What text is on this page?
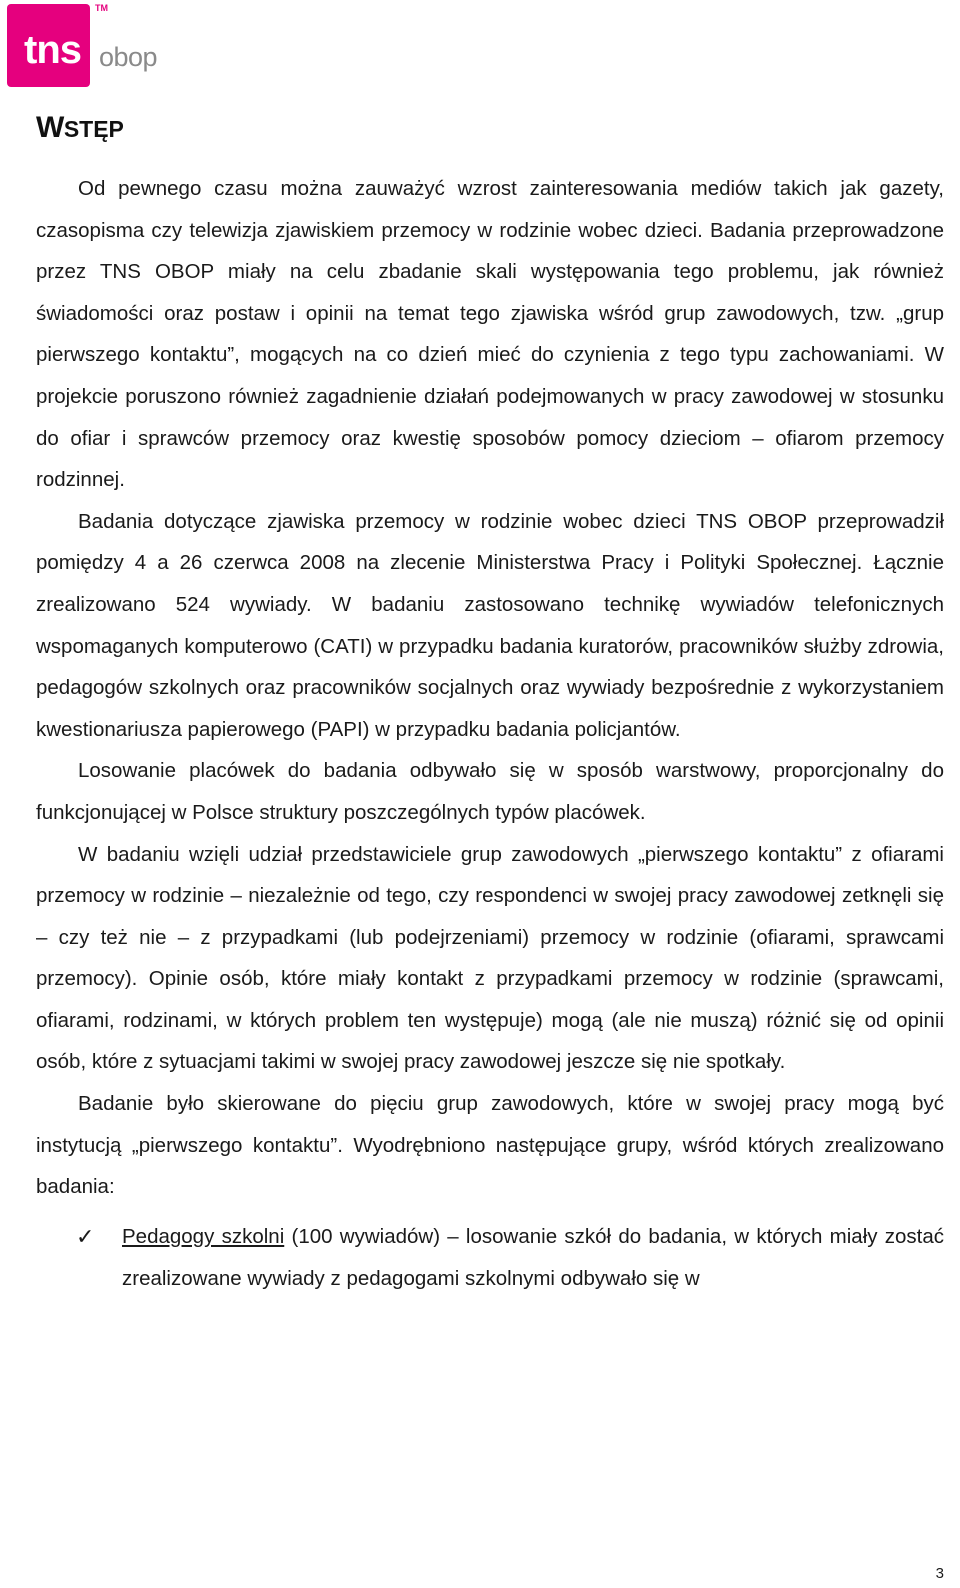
tns
TM
obop
WSTĘP

Od pewnego czasu można zauważyć wzrost zainteresowania mediów takich jak gazety, czasopisma czy telewizja zjawiskiem przemocy w rodzinie wobec dzieci. Badania przeprowadzone przez TNS OBOP miały na celu zbadanie skali występowania tego problemu, jak również świadomości oraz postaw i opinii na temat tego zjawiska wśród grup zawodowych, tzw. „grup pierwszego kontaktu”, mogących na co dzień mieć do czynienia z tego typu zachowaniami. W projekcie poruszono również zagadnienie działań podejmowanych w pracy zawodowej w stosunku do ofiar i sprawców przemocy oraz kwestię sposobów pomocy dzieciom – ofiarom przemocy rodzinnej.

Badania dotyczące zjawiska przemocy w rodzinie wobec dzieci TNS OBOP przeprowadził pomiędzy 4 a 26 czerwca 2008 na zlecenie Ministerstwa Pracy i Polityki Społecznej. Łącznie zrealizowano 524 wywiady. W badaniu zastosowano technikę wywiadów telefonicznych wspomaganych komputerowo (CATI) w przypadku badania kuratorów, pracowników służby zdrowia, pedagogów szkolnych oraz pracowników socjalnych oraz wywiady bezpośrednie z wykorzystaniem kwestionariusza papierowego (PAPI) w przypadku badania policjantów.

Losowanie placówek do badania odbywało się w sposób warstwowy, proporcjonalny do funkcjonującej w Polsce struktury poszczególnych typów placówek.

W badaniu wzięli udział przedstawiciele grup zawodowych „pierwszego kontaktu” z ofiarami przemocy w rodzinie – niezależnie od tego, czy respondenci w swojej pracy zawodowej zetknęli się – czy też nie – z przypadkami (lub podejrzeniami) przemocy w rodzinie (ofiarami, sprawcami przemocy). Opinie osób, które miały kontakt z przypadkami przemocy w rodzinie (sprawcami, ofiarami, rodzinami, w których problem ten występuje) mogą (ale nie muszą) różnić się od opinii osób, które z sytuacjami takimi w swojej pracy zawodowej jeszcze się nie spotkały.

Badanie było skierowane do pięciu grup zawodowych, które w swojej pracy mogą być instytucją „pierwszego kontaktu”. Wyodrębniono następujące grupy, wśród których zrealizowano badania:

✓ Pedagogy szkolni (100 wywiadów) – losowanie szkół do badania, w których miały zostać zrealizowane wywiady z pedagogami szkolnymi odbywało się w
3
